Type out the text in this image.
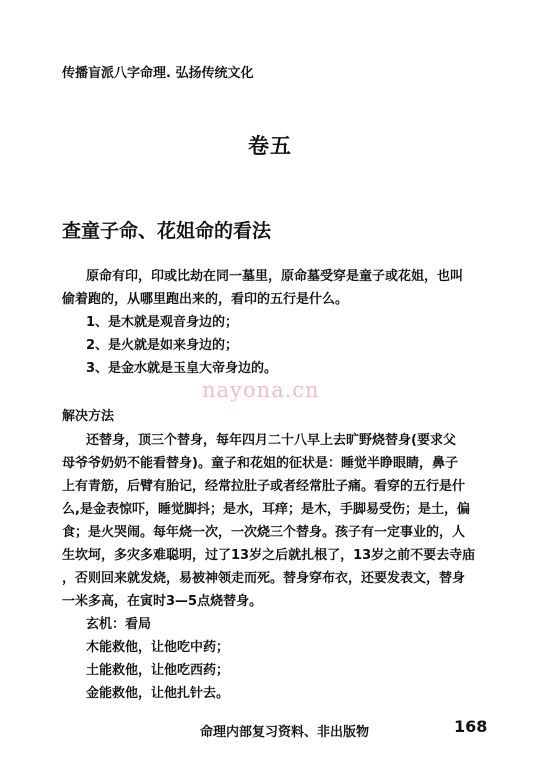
传播盲派八字命理. 弘扬传统文化
卷五
查童子命、花姐命的看法
原命有印，印或比劫在同一墓里，原命墓受穿是童子或花姐，也叫
偷着跑的，从哪里跑出来的，看印的五行是什么。
1、是木就是观音身边的；
2、是火就是如来身边的；
3、是金水就是玉皇大帝身边的。
nayona.cn
解决方法
还替身，顶三个替身，每年四月二十八早上去旷野烧替身(要求父
母爷爷奶奶不能看替身)。童子和花姐的征状是：睡觉半睁眼睛，鼻子
上有青筋，后臂有胎记，经常拉肚子或者经常肚子痛。看穿的五行是什
么,是金表惊吓，睡觉脚抖；是水，耳痒；是木，手脚易受伤；是土，偏
食；是火哭闹。每年烧一次，一次烧三个替身。孩子有一定事业的，人
生坎坷，多灾多难聪明，过了13岁之后就扎根了，13岁之前不要去寺庙
，否则回来就发烧，易被神领走而死。替身穿布衣，还要发表文，替身
一米多高，在寅时3—5点烧替身。
玄机：看局
木能救他，让他吃中药；
土能救他，让他吃西药；
金能救他，让他扎针去。
命理内部复习资料、非出版物	168
